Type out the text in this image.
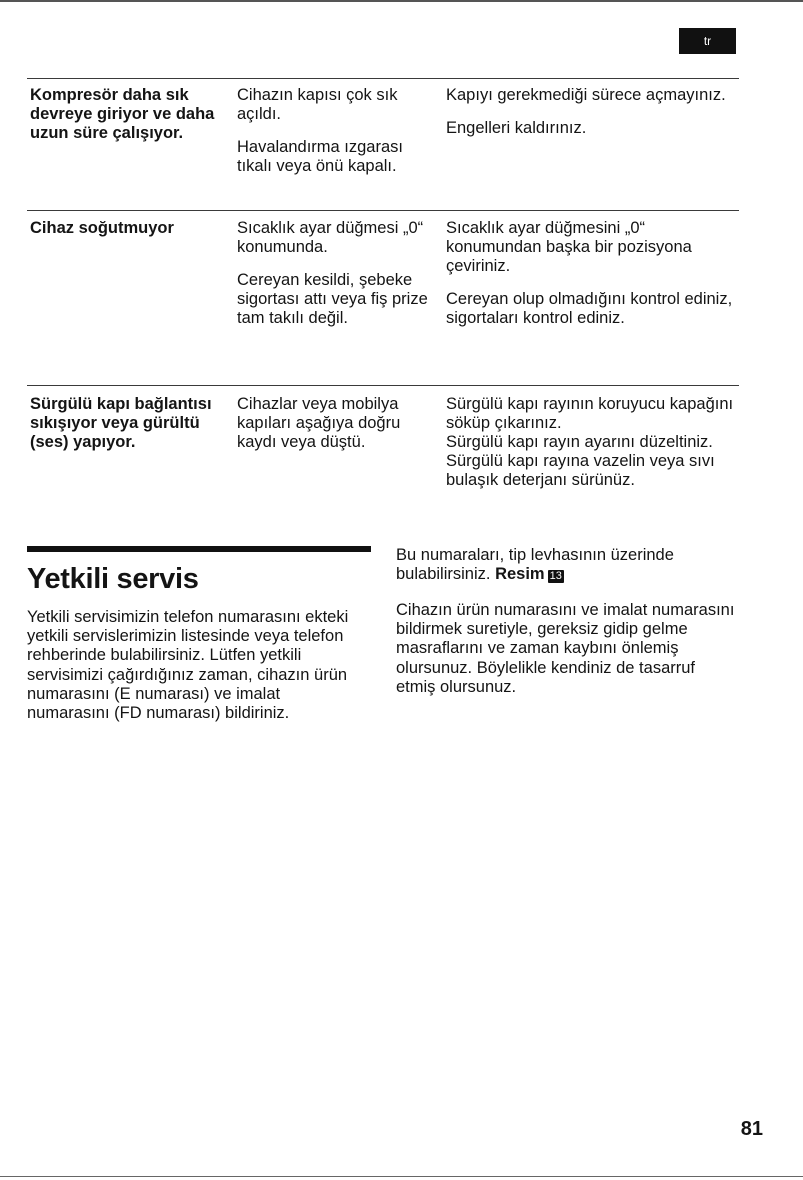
tr
Kompresör daha sık devreye giriyor ve daha uzun süre çalışıyor.

Cihazın kapısı çok sık açıldı.

Havalandırma ızgarası tıkalı veya önü kapalı.

Kapıyı gerekmediği sürece açmayınız.

Engelleri kaldırınız.

Cihaz soğutmuyor	Sıcaklık ayar düğmesi „0“ konumunda.

Cereyan kesildi, şebeke sigortası attı veya fiş prize tam takılı değil.

Sıcaklık ayar düğmesini „0“ konumundan başka bir pozisyona çeviriniz.

Cereyan olup olmadığını kontrol ediniz, sigortaları kontrol ediniz.

Sürgülü kapı bağlantısı sıkışıyor veya gürültü (ses) yapıyor.

Cihazlar veya mobilya kapıları aşağıya doğru kaydı veya düştü.

Sürgülü kapı rayının koruyucu kapağını söküp çıkarınız.

Sürgülü kapı rayın ayarını düzeltiniz.

Sürgülü kapı rayına vazelin veya sıvı bulaşık deterjanı sürünüz.

Yetkili servis
Yetkili servisimizin telefon numarasını ekteki yetkili servislerimizin listesinde veya telefon rehberinde bulabilirsiniz. Lütfen yetkili servisimizi çağırdığınız zaman, cihazın ürün numarasını (E numarası) ve imalat numarasını (FD numarası) bildiriniz.
Bu numaraları, tip levhasının üzerinde bulabilirsiniz. Resim 13
Cihazın ürün numarasını ve imalat numarasını bildirmek suretiyle, gereksiz gidip gelme masraflarını ve zaman kaybını önlemiş olursunuz. Böylelikle kendiniz de tasarruf etmiş olursunuz.
81
